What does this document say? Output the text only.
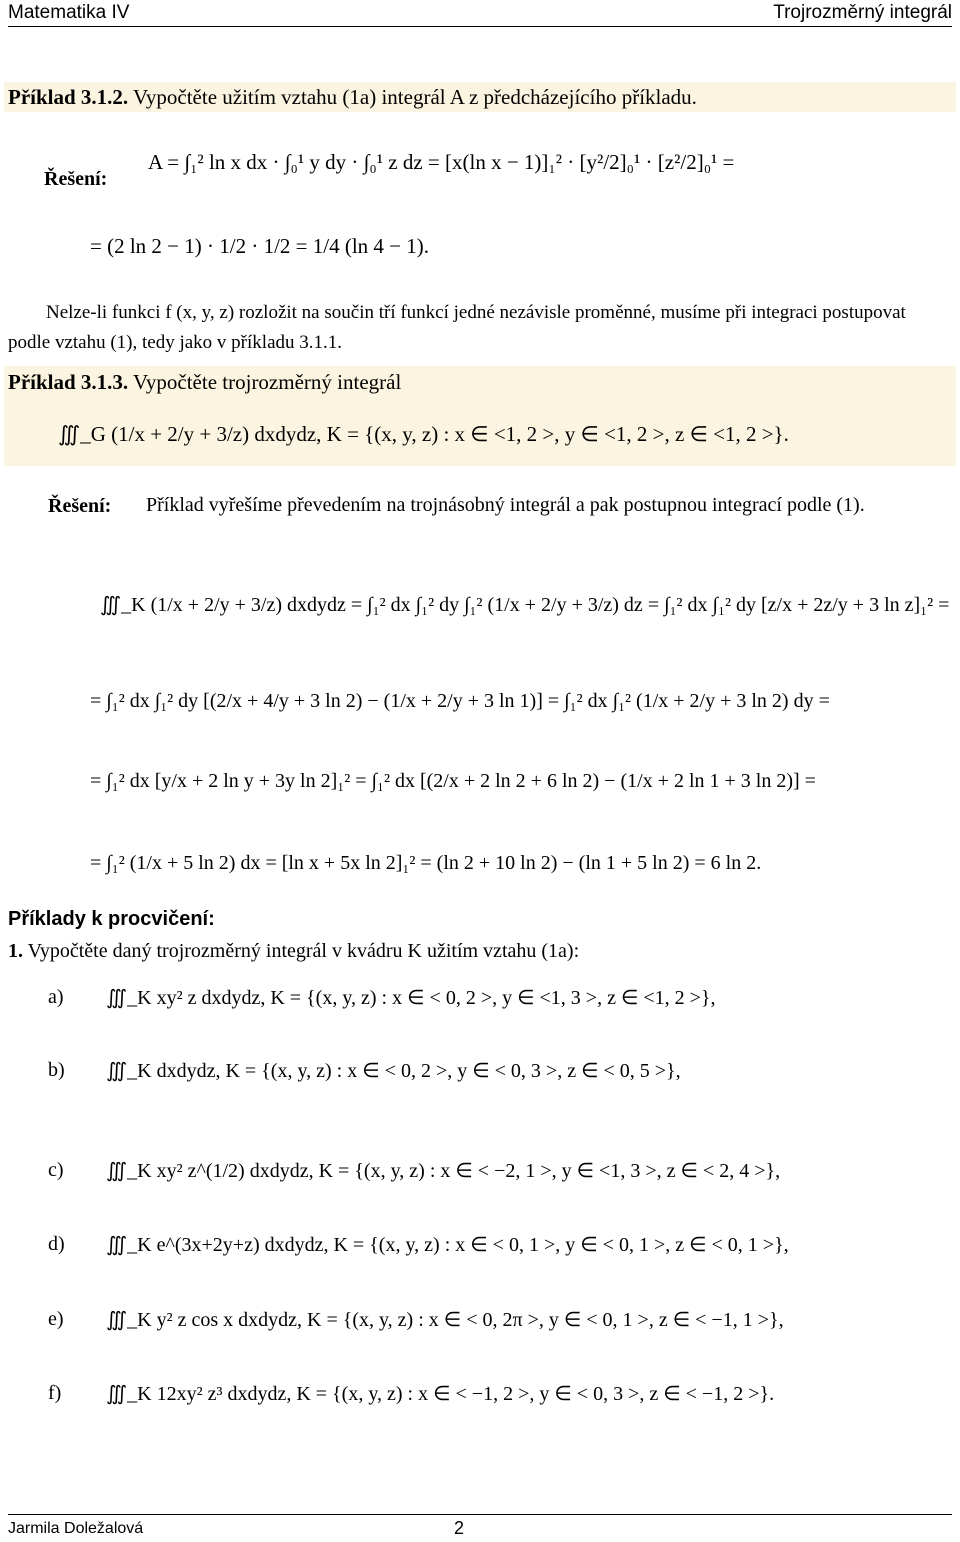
Matematika IV	Trojrozměrný integrál
Příklad 3.1.2. Vypočtěte užitím vztahu (1a) integrál A z předcházejícího příkladu.
Řešení:
A = ∫₁² ln x dx · ∫₀¹ y dy · ∫₀¹ z dz = [x(ln x − 1)]₁² · [y²/2]₀¹ · [z²/2]₀¹ =
= (2 ln 2 − 1) · 1/2 · 1/2 = 1/4 (ln 4 − 1).
Nelze-li funkci f (x, y, z) rozložit na součin tří funkcí jedné nezávisle proměnné, musíme při integraci postupovat podle vztahu (1), tedy jako v příkladu 3.1.1.
Příklad 3.1.3. Vypočtěte trojrozměrný integrál
∭_G (1/x + 2/y + 3/z) dxdydz, K = {(x, y, z) : x ∈ <1, 2 >, y ∈ <1, 2 >, z ∈ <1, 2 >}.
Řešení:	Příklad vyřešíme převedením na trojnásobný integrál a pak postupnou integrací podle (1).
∭_K (1/x + 2/y + 3/z) dxdydz = ∫₁² dx ∫₁² dy ∫₁² (1/x + 2/y + 3/z) dz = ∫₁² dx ∫₁² dy [z/x + 2z/y + 3 ln z]₁² =
= ∫₁² dx ∫₁² dy [(2/x + 4/y + 3 ln 2) − (1/x + 2/y + 3 ln 1)] = ∫₁² dx ∫₁² (1/x + 2/y + 3 ln 2) dy =
= ∫₁² dx [y/x + 2 ln y + 3y ln 2]₁² = ∫₁² dx [(2/x + 2 ln 2 + 6 ln 2) − (1/x + 2 ln 1 + 3 ln 2)] =
= ∫₁² (1/x + 5 ln 2) dx = [ln x + 5x ln 2]₁² = (ln 2 + 10 ln 2) − (ln 1 + 5 ln 2) = 6 ln 2.
Příklady k procvičení:
1. Vypočtěte daný trojrozměrný integrál v kvádru K užitím vztahu (1a):
a)	∭_K xy² z dxdydz, K = {(x, y, z) : x ∈ < 0, 2 >, y ∈ <1, 3 >, z ∈ <1, 2 >},
b)	∭_K dxdydz, K = {(x, y, z) : x ∈ < 0, 2 >, y ∈ < 0, 3 >, z ∈ < 0, 5 >},
c)	∭_K xy² z^(1/2) dxdydz, K = {(x, y, z) : x ∈ < −2, 1 >, y ∈ <1, 3 >, z ∈ < 2, 4 >},
d)	∭_K e^(3x+2y+z) dxdydz, K = {(x, y, z) : x ∈ < 0, 1 >, y ∈ < 0, 1 >, z ∈ < 0, 1 >},
e)	∭_K y² z cos x dxdydz, K = {(x, y, z) : x ∈ < 0, 2π >, y ∈ < 0, 1 >, z ∈ < −1, 1 >},
f)	∭_K 12xy² z³ dxdydz, K = {(x, y, z) : x ∈ < −1, 2 >, y ∈ < 0, 3 >, z ∈ < −1, 2 >}.
Jarmila Doležalová	2
